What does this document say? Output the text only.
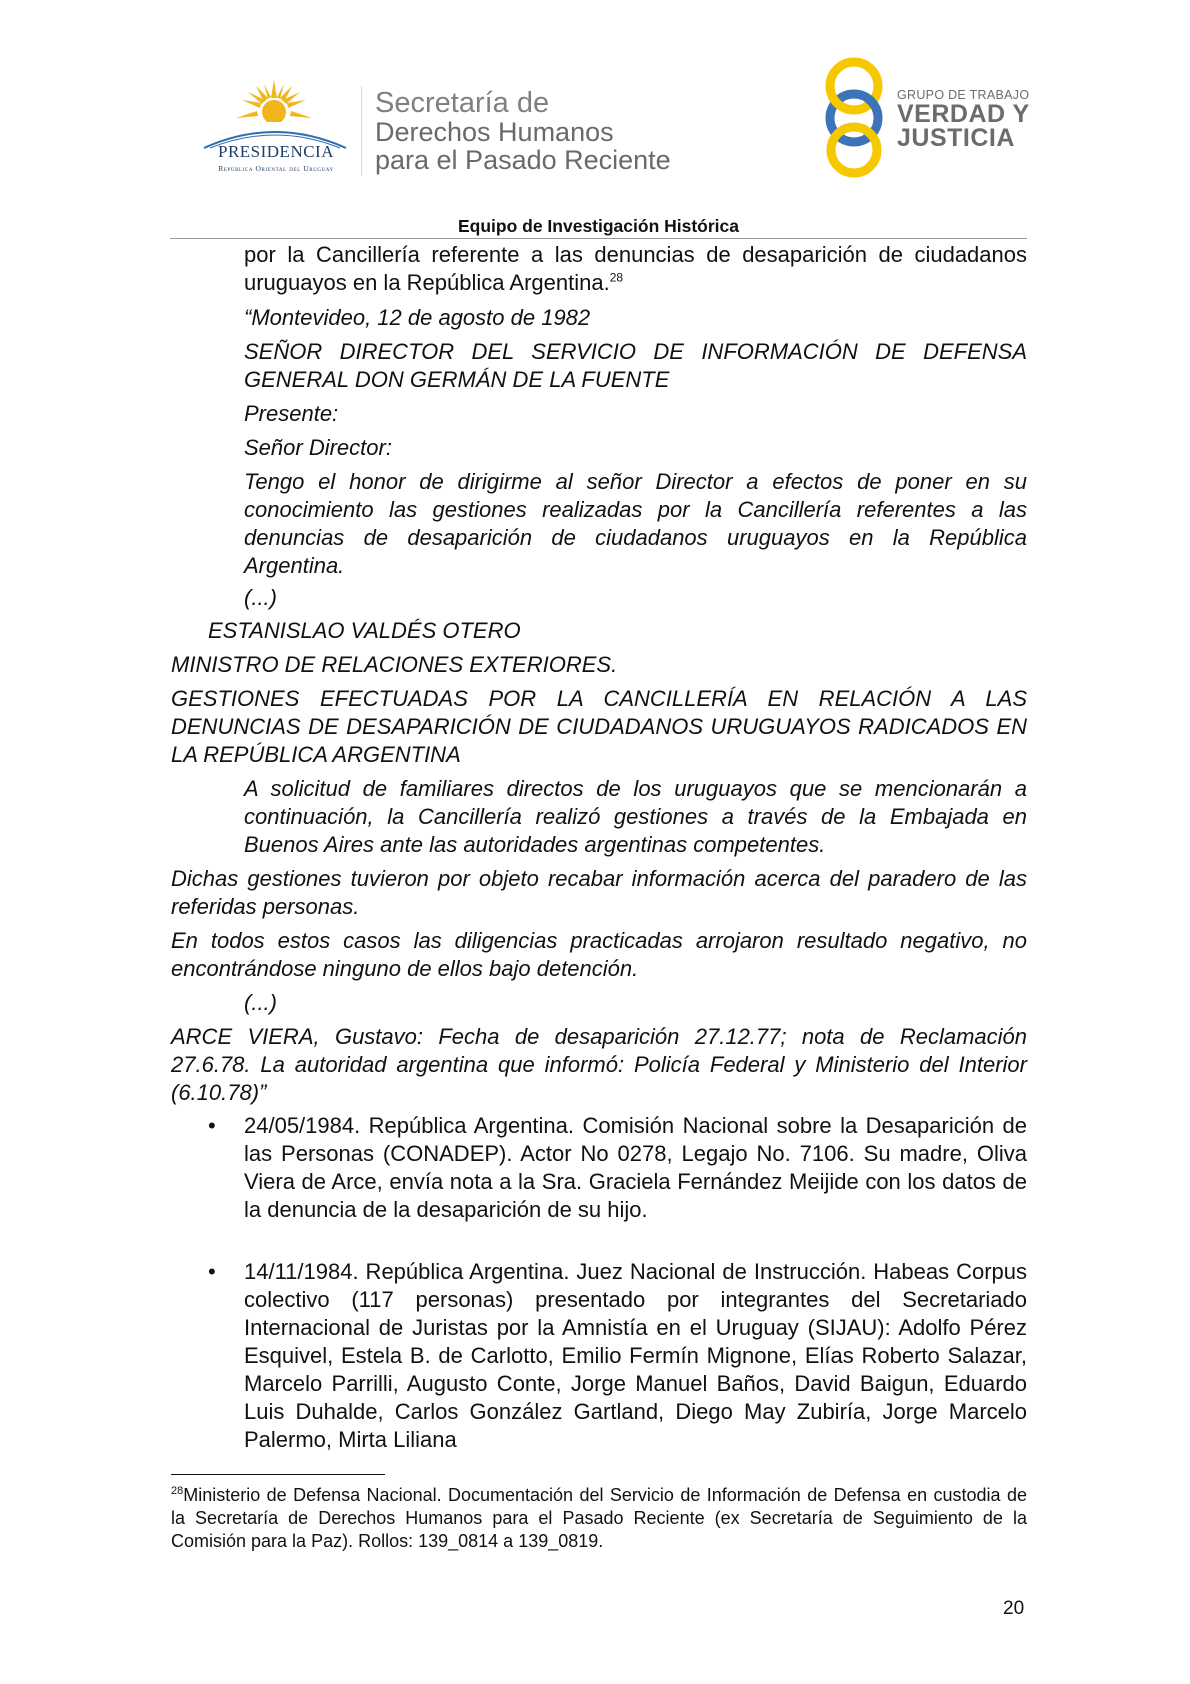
PRESIDENCIA
República Oriental del Uruguay
Secretaría de
Derechos Humanos
para el Pasado Reciente
GRUPO DE TRABAJO
VERDAD Y
JUSTICIA
Equipo de Investigación Histórica

por la Cancillería referente a las denuncias de desaparición de ciudadanos uruguayos en la República Argentina.$^{28}$

“Montevideo, 12 de agosto de 1982

SEÑOR DIRECTOR DEL SERVICIO DE INFORMACIÓN DE DEFENSA GENERAL DON GERMÁN DE LA FUENTE

Presente:

Señor Director:

Tengo el honor de dirigirme al señor Director a efectos de poner en su conocimiento las gestiones realizadas por la Cancillería referentes a las denuncias de desaparición de ciudadanos uruguayos en la República Argentina.

(...)

ESTANISLAO VALDÉS OTERO

MINISTRO DE RELACIONES EXTERIORES.

GESTIONES EFECTUADAS POR LA CANCILLERÍA EN RELACIÓN A LAS DENUNCIAS DE DESAPARICIÓN DE CIUDADANOS URUGUAYOS RADICADOS EN LA REPÚBLICA ARGENTINA

A solicitud de familiares directos de los uruguayos que se mencionarán a continuación, la Cancillería realizó gestiones a través de la Embajada en Buenos Aires ante las autoridades argentinas competentes.

Dichas gestiones tuvieron por objeto recabar información acerca del paradero de las referidas personas.

En todos estos casos las diligencias practicadas arrojaron resultado negativo, no encontrándose ninguno de ellos bajo detención.

(...)

ARCE VIERA, Gustavo: Fecha de desaparición 27.12.77; nota de Reclamación 27.6.78. La autoridad argentina que informó: Policía Federal y Ministerio del Interior (6.10.78)”

• 24/05/1984. República Argentina. Comisión Nacional sobre la Desaparición de las Personas (CONADEP). Actor No 0278, Legajo No. 7106. Su madre, Oliva Viera de Arce, envía nota a la Sra. Graciela Fernández Meijide con los datos de la denuncia de la desaparición de su hijo.

• 14/11/1984. República Argentina. Juez Nacional de Instrucción. Habeas Corpus colectivo (117 personas) presentado por integrantes del Secretariado Internacional de Juristas por la Amnistía en el Uruguay (SIJAU): Adolfo Pérez Esquivel, Estela B. de Carlotto, Emilio Fermín Mignone, Elías Roberto Salazar, Marcelo Parrilli, Augusto Conte, Jorge Manuel Baños, David Baigun, Eduardo Luis Duhalde, Carlos González Gartland, Diego May Zubiría, Jorge Marcelo Palermo, Mirta Liliana

$^{28}$Ministerio de Defensa Nacional. Documentación del Servicio de Información de Defensa en custodia de la Secretaría de Derechos Humanos para el Pasado Reciente (ex Secretaría de Seguimiento de la Comisión para la Paz). Rollos: 139_0814 a 139_0819.

20
